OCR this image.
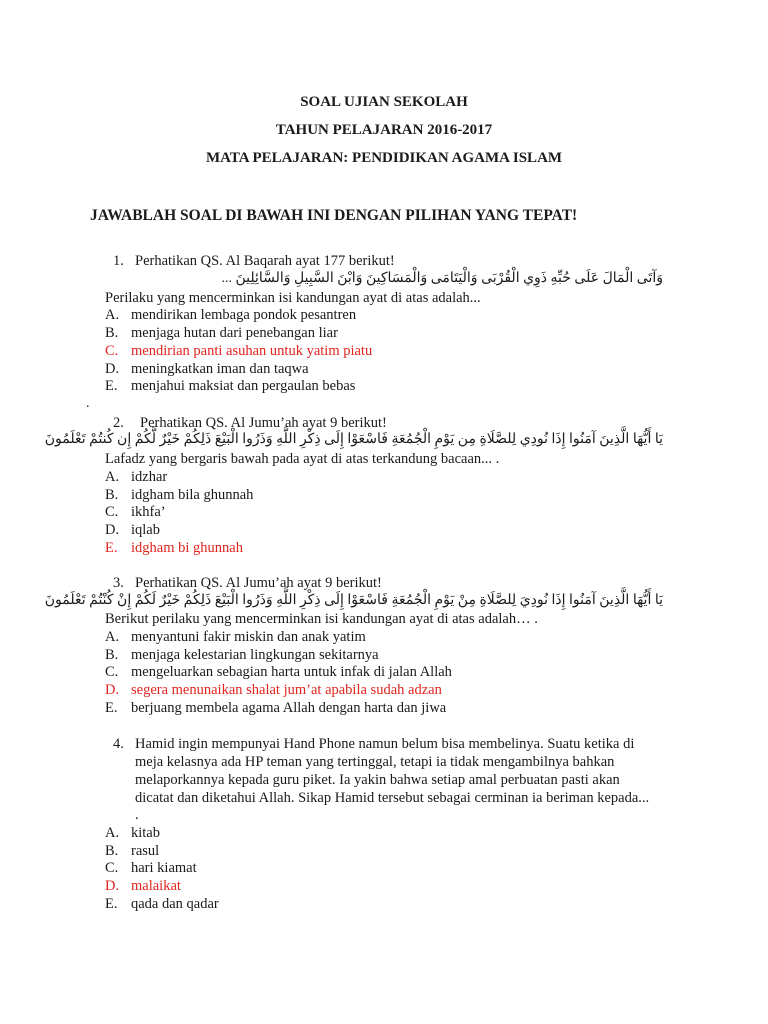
SOAL UJIAN SEKOLAH
TAHUN PELAJARAN 2016-2017
MATA PELAJARAN: PENDIDIKAN AGAMA ISLAM
JAWABLAH SOAL DI BAWAH INI DENGAN PILIHAN YANG TEPAT!
1. Perhatikan QS. Al Baqarah ayat 177 berikut!
وَآتَى الْمَالَ عَلَى حُبِّهِ ذَوِي الْقُرْبَى وَالْيَتَامَى وَالْمَسَاكِينَ وَابْنَ السَّبِيلِ وَالسَّائِلِينَ ...
Perilaku yang mencerminkan isi kandungan ayat di atas adalah...
A. mendirikan lembaga pondok pesantren
B. menjaga hutan dari penebangan liar
C. mendirian panti asuhan untuk yatim piatu
D. meningkatkan iman dan taqwa
E. menjahui maksiat dan pergaulan bebas
.
2. Perhatikan QS. Al Jumu’ah ayat 9 berikut!
يَا أَيُّهَا الَّذِينَ آمَنُوا إِذَا نُودِي لِلصَّلَاةِ مِن يَوْمِ الْجُمُعَةِ فَاسْعَوْا إِلَى ذِكْرِ اللَّهِ وَذَرُوا الْبَيْعَ ذَلِكُمْ خَيْرٌ لَّكُمْ إِن كُنتُمْ تَعْلَمُونَ
Lafadz yang bergaris bawah pada ayat di atas terkandung bacaan... .
A. idzhar
B. idgham bila ghunnah
C. ikhfa’
D. iqlab
E. idgham bi ghunnah
3. Perhatikan QS. Al Jumu’ah ayat 9 berikut!
يَا أَيُّهَا الَّذِينَ آمَنُوا إِذَا نُودِيَ لِلصَّلَاةِ مِنْ يَوْمِ الْجُمُعَةِ فَاسْعَوْا إِلَى ذِكْرِ اللَّهِ وَذَرُوا الْبَيْعَ ذَلِكُمْ خَيْرٌ لَكُمْ إِنْ كُنْتُمْ تَعْلَمُونَ
Berikut perilaku yang mencerminkan isi kandungan ayat di atas adalah… .
A. menyantuni fakir miskin dan anak yatim
B. menjaga kelestarian lingkungan sekitarnya
C. mengeluarkan sebagian harta untuk infak di jalan Allah
D. segera menunaikan shalat jum’at apabila sudah adzan
E. berjuang membela agama Allah dengan harta dan jiwa
4. Hamid ingin mempunyai Hand Phone namun belum bisa membelinya. Suatu ketika di
meja kelasnya ada HP teman yang tertinggal, tetapi ia tidak mengambilnya bahkan
melaporkannya kepada guru piket. Ia yakin bahwa setiap amal perbuatan pasti akan
dicatat dan diketahui Allah. Sikap Hamid tersebut sebagai cerminan ia beriman kepada...
.
A. kitab
B. rasul
C. hari kiamat
D. malaikat
E. qada dan qadar
